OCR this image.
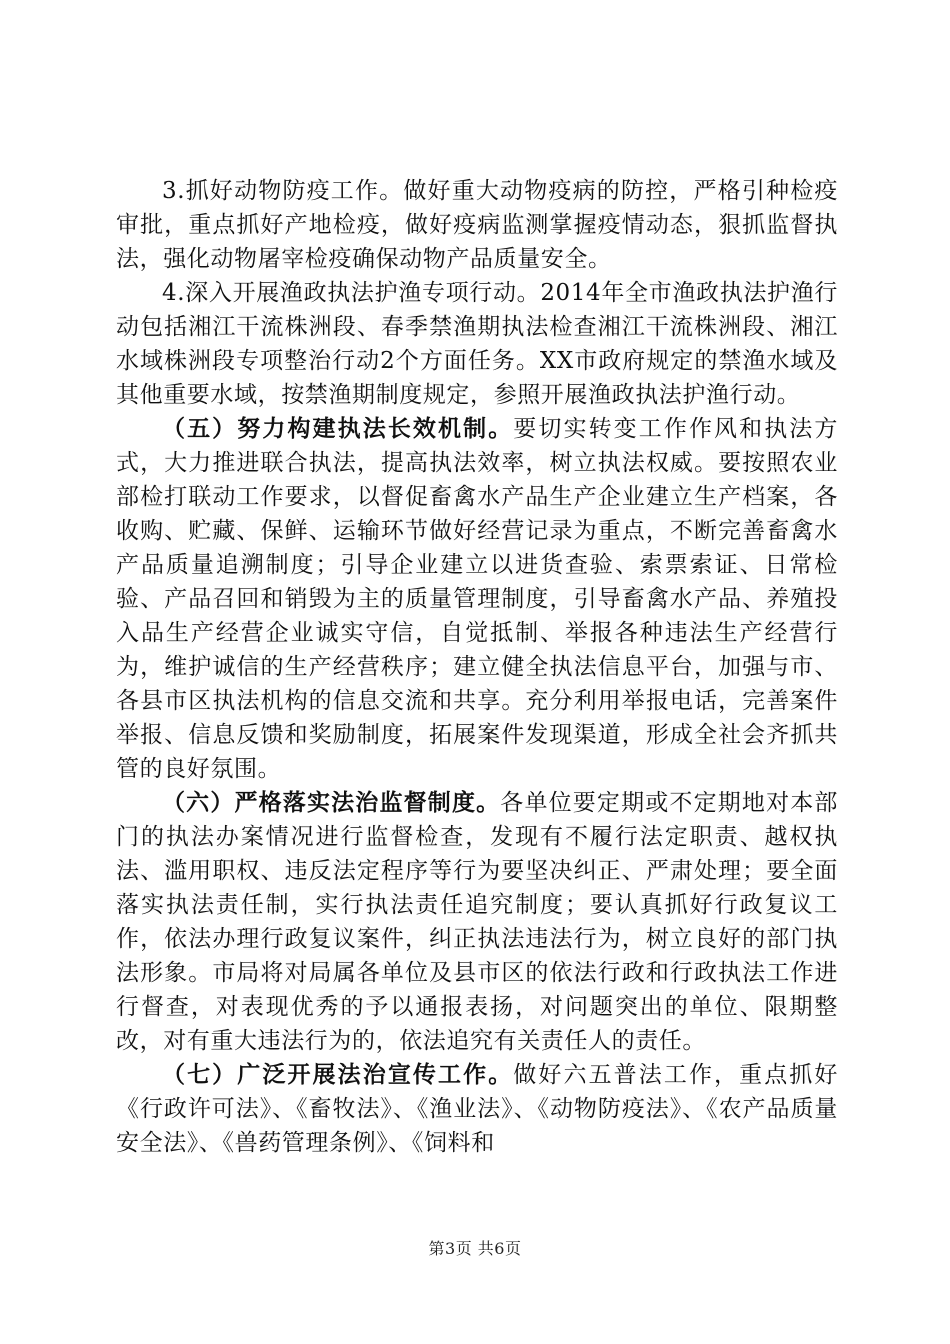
3.抓好动物防疫工作。做好重大动物疫病的防控，严格引种检疫审批，重点抓好产地检疫，做好疫病监测掌握疫情动态，狠抓监督执法，强化动物屠宰检疫确保动物产品质量安全。

4.深入开展渔政执法护渔专项行动。2014年全市渔政执法护渔行动包括湘江干流株洲段、春季禁渔期执法检查湘江干流株洲段、湘江水域株洲段专项整治行动2个方面任务。XX市政府规定的禁渔水域及其他重要水域，按禁渔期制度规定，参照开展渔政执法护渔行动。

（五）努力构建执法长效机制。要切实转变工作作风和执法方式，大力推进联合执法，提高执法效率，树立执法权威。要按照农业部检打联动工作要求，以督促畜禽水产品生产企业建立生产档案，各收购、贮藏、保鲜、运输环节做好经营记录为重点，不断完善畜禽水产品质量追溯制度；引导企业建立以进货查验、索票索证、日常检验、产品召回和销毁为主的质量管理制度，引导畜禽水产品、养殖投入品生产经营企业诚实守信，自觉抵制、举报各种违法生产经营行为，维护诚信的生产经营秩序；建立健全执法信息平台，加强与市、各县市区执法机构的信息交流和共享。充分利用举报电话，完善案件举报、信息反馈和奖励制度，拓展案件发现渠道，形成全社会齐抓共管的良好氛围。

（六）严格落实法治监督制度。各单位要定期或不定期地对本部门的执法办案情况进行监督检查，发现有不履行法定职责、越权执法、滥用职权、违反法定程序等行为要坚决纠正、严肃处理；要全面落实执法责任制，实行执法责任追究制度；要认真抓好行政复议工作，依法办理行政复议案件，纠正执法违法行为，树立良好的部门执法形象。市局将对局属各单位及县市区的依法行政和行政执法工作进行督查，对表现优秀的予以通报表扬，对问题突出的单位、限期整改，对有重大违法行为的，依法追究有关责任人的责任。

（七）广泛开展法治宣传工作。做好六五普法工作，重点抓好《行政许可法》、《畜牧法》、《渔业法》、《动物防疫法》、《农产品质量安全法》、《兽药管理条例》、《饲料和

第3页 共6页
